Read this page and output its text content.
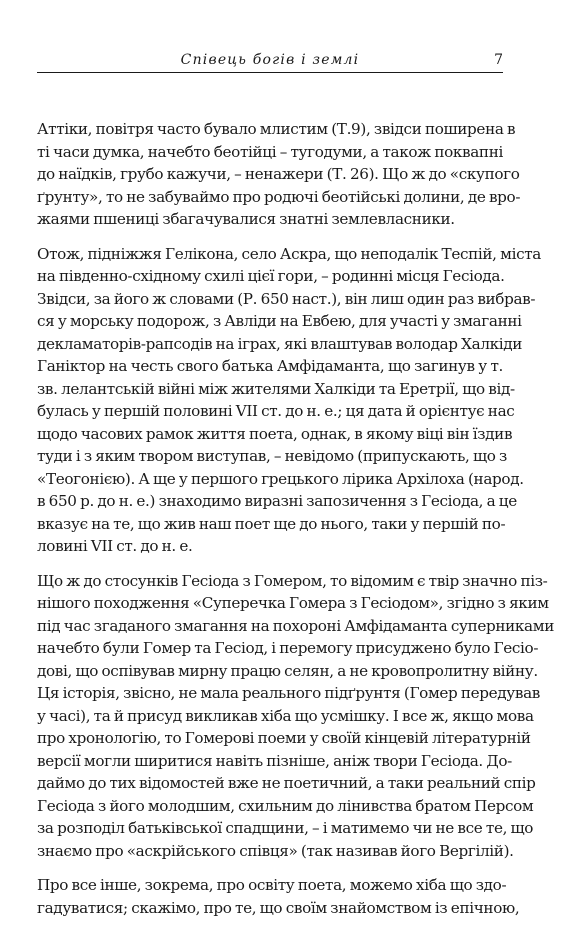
Співець богів і землі	7

Аттіки, повітря часто бувало млистим (Т.9), звідси поширена в
ті часи думка, начебто беотійці – тугодуми, а також поквапні
до наїдків, грубо кажучи, – ненажери (Т. 26). Що ж до «скупого
ґрунту», то не забуваймо про родючі беотійські долини, де вро-
жаями пшениці збагачувалися знатні землевласники.

Отож, підніжжя Гелікона, село Аскра, що неподалік Теспій, міста
на південно-східному схилі цієї гори, – родинні місця Гесіода.
Звідси, за його ж словами (Р. 650 наст.), він лиш один раз вибрав-
ся у морську подорож, з Авліди на Евбею, для участі у змаганні
декламаторів-рапсодів на іграх, які влаштував володар Халкіди
Ганіктор на честь свого батька Амфідаманта, що загинув у т.
зв. лелантській війні між жителями Халкіди та Еретрії, що від-
булась у першій половині VII ст. до н. е.; ця дата й орієнтує нас
щодо часових рамок життя поета, однак, в якому віці він їздив
туди і з яким твором виступав, – невідомо (припускають, що з
«Теогонією). А ще у першого грецького лірика Архілоха (народ.
в 650 р. до н. е.) знаходимо виразні запозичення з Гесіода, а це
вказує на те, що жив наш поет ще до нього, таки у першій по-
ловині VII ст. до н. е.

Що ж до стосунків Гесіода з Гомером, то відомим є твір значно піз-
нішого походження «Суперечка Гомера з Гесіодом», згідно з яким
під час згаданого змагання на похороні Амфідаманта суперниками
начебто були Гомер та Гесіод, і перемогу присуджено було Гесіо-
дові, що оспівував мирну працю селян, а не кровопролитну війну.
Ця історія, звісно, не мала реального підґрунтя (Гомер передував
у часі), та й присуд викликав хіба що усмішку. І все ж, якщо мова
про хронологію, то Гомерові поеми у своїй кінцевій літературній
версії могли ширитися навіть пізніше, аніж твори Гесіода. До-
даймо до тих відомостей вже не поетичний, а таки реальний спір
Гесіода з його молодшим, схильним до лінивства братом Персом
за розподіл батьківської спадщини, – і матимемо чи не все те, що
знаємо про «аскрійського співця» (так називав його Вергілій).

Про все інше, зокрема, про освіту поета, можемо хіба що здо-
гадуватися; скажімо, про те, що своїм знайомством із епічною,
